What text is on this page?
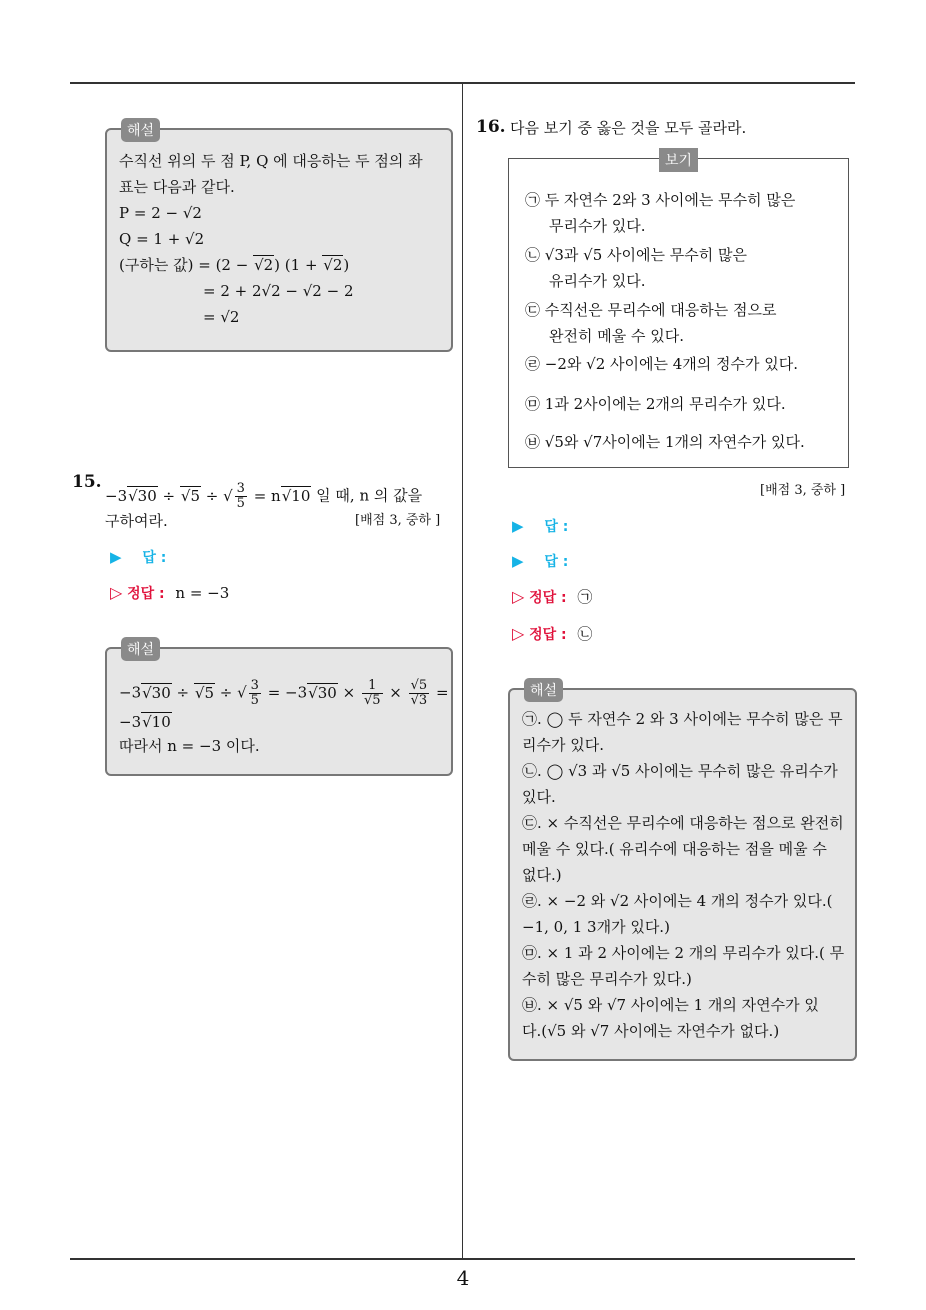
해설
수직선 위의 두 점 P, Q 에 대응하는 두 점의 좌
표는 다음과 같다.
P = 2 − √2
Q = 1 + √2
(구하는 값) = (2 − √2) (1 + √2)
= 2 + 2√2 − √2 − 2
= √2
15.
−3√30 ÷ √5 ÷ √ $\frac{3}{5} = n√10$ 일 때, n 의 값을
구하여라.	[배점 3, 중하 ]
▶ 답 :
▷ 정답 : n = −3
해설
−3√30 ÷ √5 ÷ √ $\frac{3}{5} = -3√30 \times \frac{1}{√5} \times \frac{√5}{√3}$ =
−3√10
따라서 n = −3 이다.
16. 다음 보기 중 옳은 것을 모두 골라라.
보기
㉠ 두 자연수 2와 3 사이에는 무수히 많은
무리수가 있다.
㉡ √3과 √5 사이에는 무수히 많은
유리수가 있다.
㉢ 수직선은 무리수에 대응하는 점으로
완전히 메울 수 있다.
㉣ −2와 √2 사이에는 4개의 정수가 있다.
㉤ 1과 2사이에는 2개의 무리수가 있다.
㉥ √5와 √7사이에는 1개의 자연수가 있다.
[배점 3, 중하 ]
▶ 답 :
▶ 답 :
▷ 정답 : ㉠
▷ 정답 : ㉡
해설
㉠. ◯ 두 자연수 2 와 3 사이에는 무수히 많은 무
리수가 있다.
㉡. ◯ √3 과 √5 사이에는 무수히 많은 유리수가
있다.
㉢. × 수직선은 무리수에 대응하는 점으로 완전히
메울 수 있다.( 유리수에 대응하는 점을 메울 수
없다.)
㉣. × −2 와 √2 사이에는 4 개의 정수가 있다.(
−1, 0, 1 3개가 있다.)
㉤. × 1 과 2 사이에는 2 개의 무리수가 있다.( 무
수히 많은 무리수가 있다.)
㉥. × √5 와 √7 사이에는 1 개의 자연수가 있
다.(√5 와 √7 사이에는 자연수가 없다.)
4
